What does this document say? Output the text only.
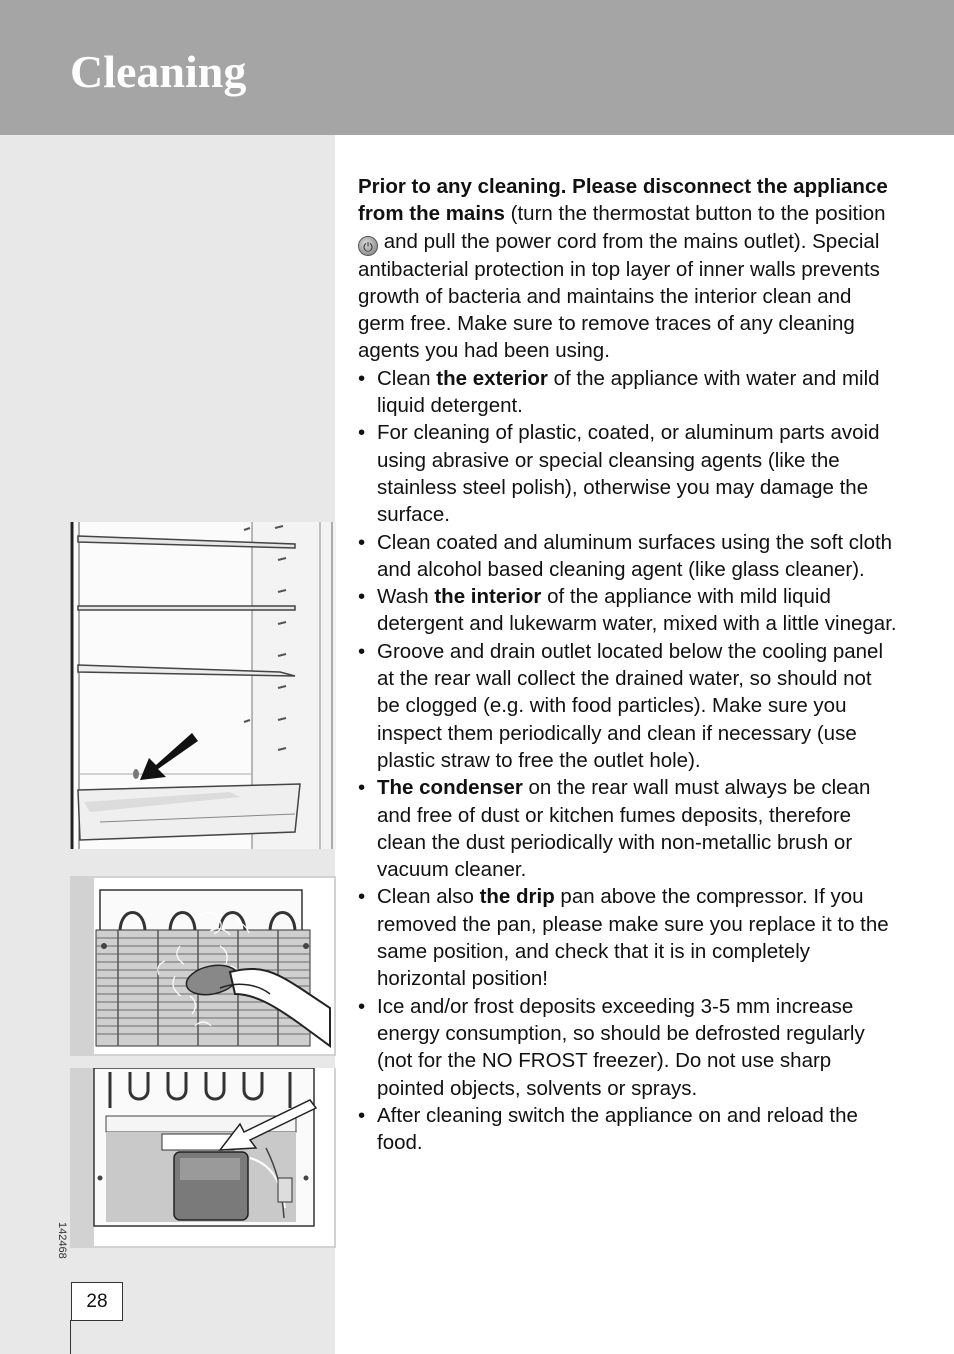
Cleaning
142468
28

Prior to any cleaning. Please disconnect the appliance from the mains (turn the thermostat button to the position ⏻ and pull the power cord from the mains outlet). Special antibacterial protection in top layer of inner walls prevents growth of bacteria and maintains the interior clean and germ free. Make sure to remove traces of any cleaning agents you had been using.

• Clean the exterior of the appliance with water and mild liquid detergent.
• For cleaning of plastic, coated, or aluminum parts avoid using abrasive or special cleansing agents (like the stainless steel polish), otherwise you may damage the surface.
• Clean coated and aluminum surfaces using the soft cloth and alcohol based cleaning agent (like glass cleaner).
• Wash the interior of the appliance with mild liquid detergent and lukewarm water, mixed with a little vinegar.
• Groove and drain outlet located below the cooling panel at the rear wall collect the drained water, so should not be clogged (e.g. with food particles). Make sure you inspect them periodically and clean if necessary (use plastic straw to free the outlet hole).
• The condenser on the rear wall must always be clean and free of dust or kitchen fumes deposits, therefore clean the dust periodically with non-metallic brush or vacuum cleaner.
• Clean also the drip pan above the compressor. If you removed the pan, please make sure you replace it to the same position, and check that it is in completely horizontal position!
• Ice and/or frost deposits exceeding 3-5 mm increase energy consumption, so should be defrosted regularly (not for the NO FROST freezer). Do not use sharp pointed objects, solvents or sprays.
• After cleaning switch the appliance on and reload the food.
